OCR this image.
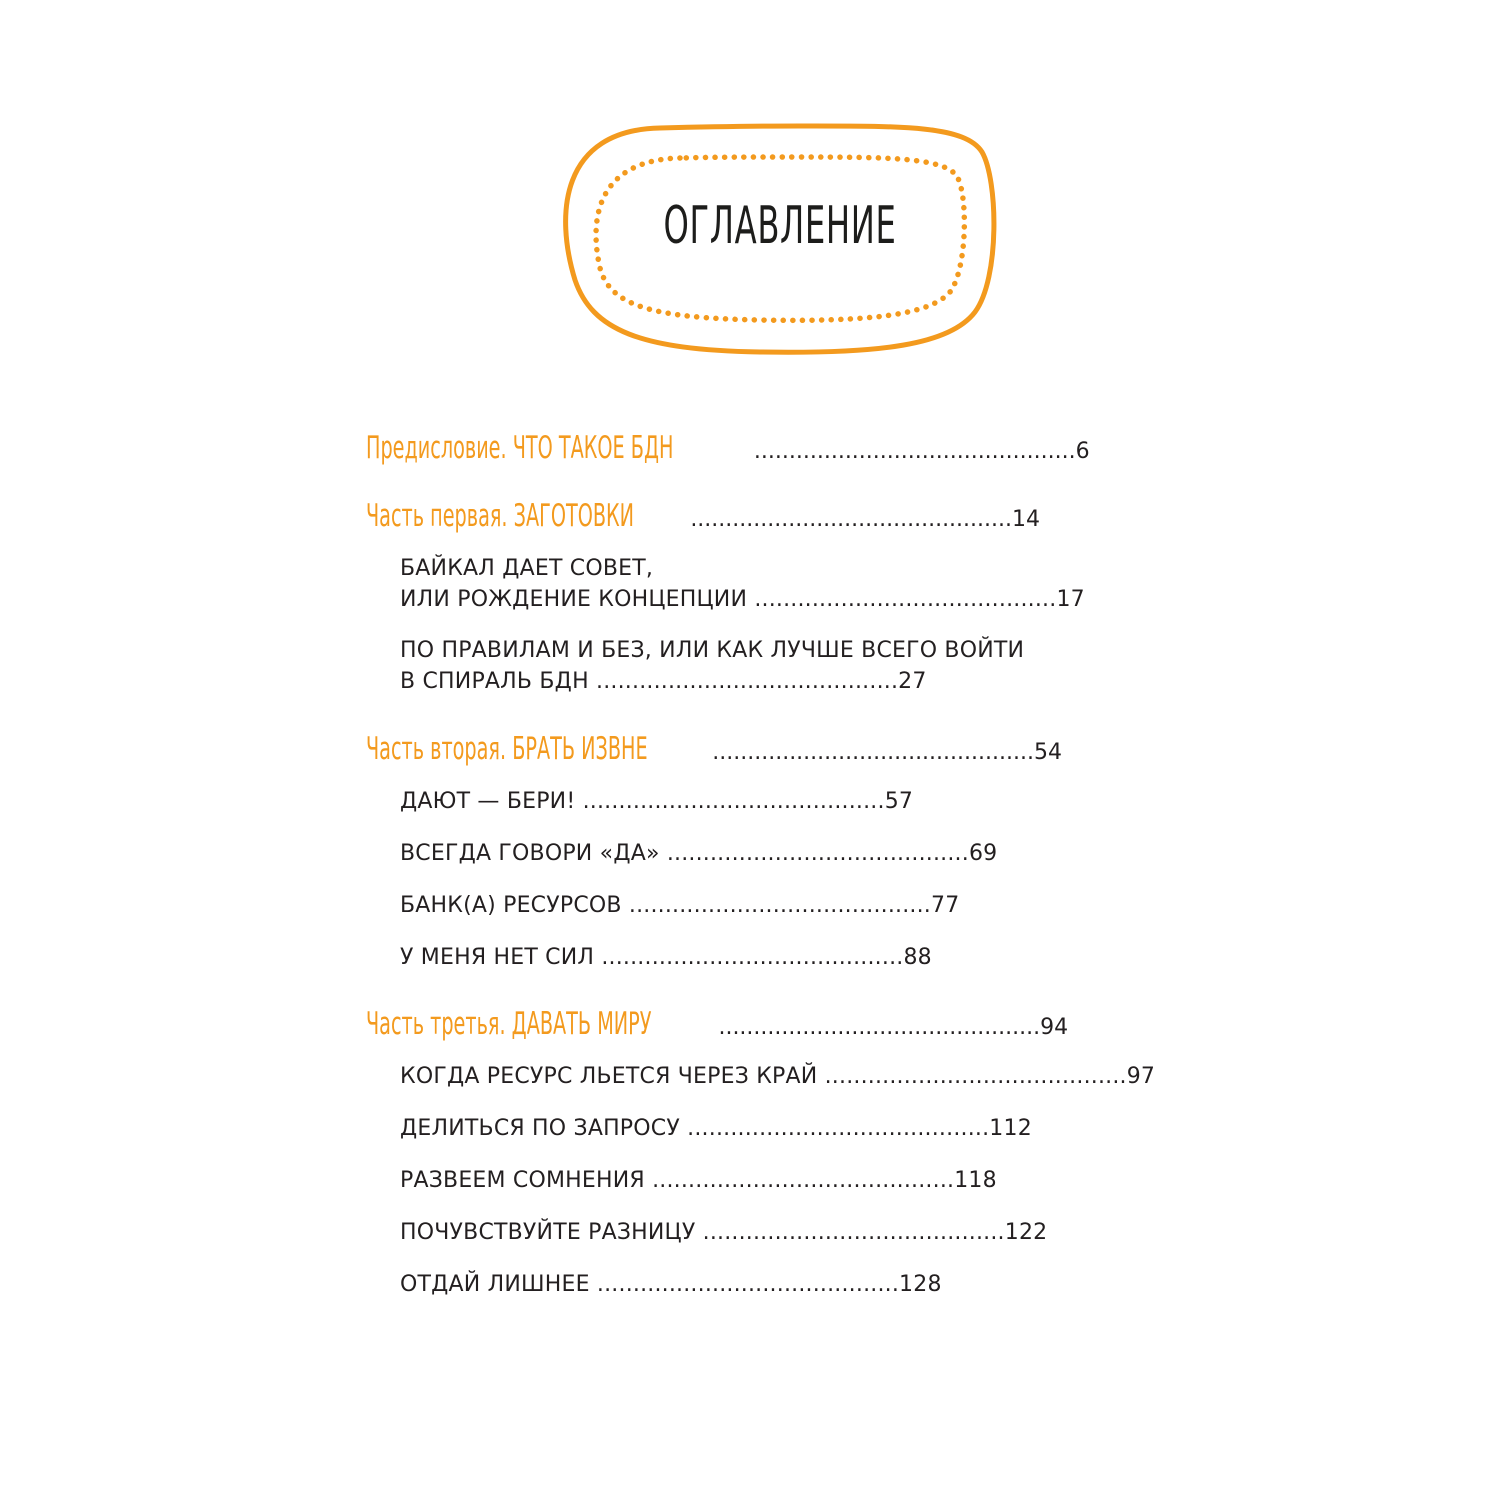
ОГЛАВЛЕНИЕ
Предисловие. ЧТО ТАКОЕ БДН	..............................................6
Часть первая. ЗАГОТОВКИ	..............................................14
БАЙКАЛ ДАЕТ СОВЕТ,
ИЛИ РОЖДЕНИЕ КОНЦЕПЦИИ ..........................................17
ПО ПРАВИЛАМ И БЕЗ, ИЛИ КАК ЛУЧШЕ ВСЕГО ВОЙТИ
В СПИРАЛЬ БДН ..........................................27
Часть вторая. БРАТЬ ИЗВНЕ	..............................................54
ДАЮТ — БЕРИ! ..........................................57
ВСЕГДА ГОВОРИ «ДА» ..........................................69
БАНК(А) РЕСУРСОВ ..........................................77
У МЕНЯ НЕТ СИЛ ..........................................88
Часть третья. ДАВАТЬ МИРУ	..............................................94
КОГДА РЕСУРС ЛЬЕТСЯ ЧЕРЕЗ КРАЙ ..........................................97
ДЕЛИТЬСЯ ПО ЗАПРОСУ ..........................................112
РАЗВЕЕМ СОМНЕНИЯ ..........................................118
ПОЧУВСТВУЙТЕ РАЗНИЦУ ..........................................122
ОТДАЙ ЛИШНЕЕ ..........................................128
